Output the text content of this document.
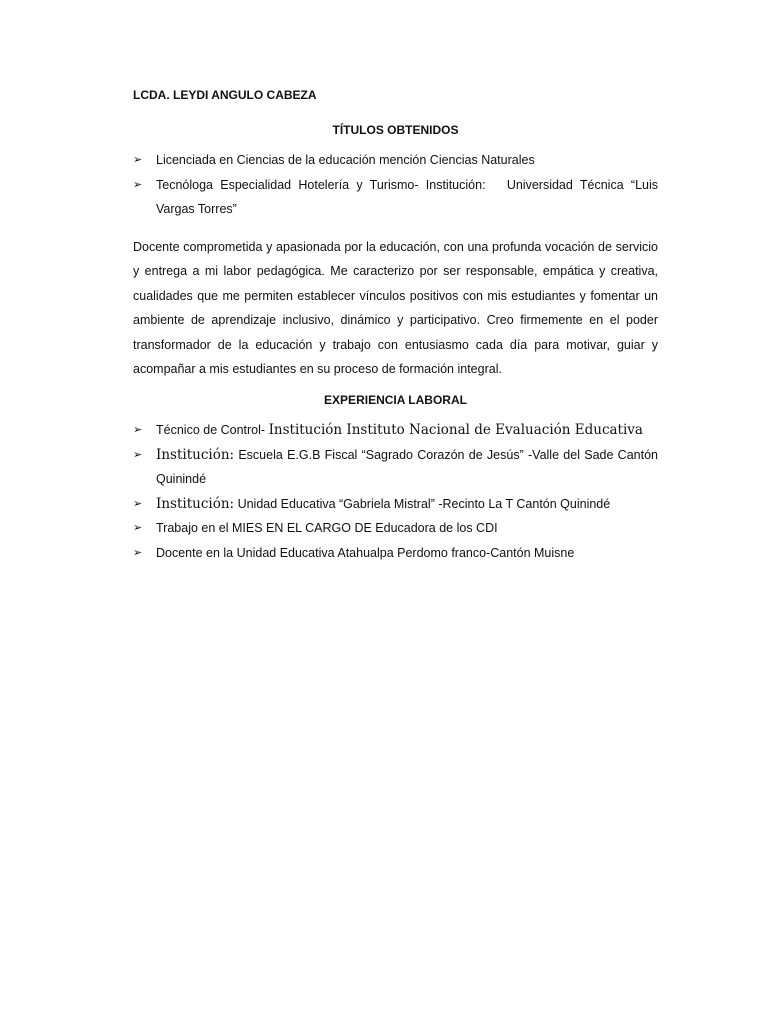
LCDA. LEYDI ANGULO CABEZA

TÍTULOS OBTENIDOS

➢ Licenciada en Ciencias de la educación mención Ciencias Naturales
➢ Tecnóloga Especialidad Hotelería y Turismo- Institución: Universidad Técnica “Luis Vargas Torres”

Docente comprometida y apasionada por la educación, con una profunda vocación de servicio y entrega a mi labor pedagógica. Me caracterizo por ser responsable, empática y creativa, cualidades que me permiten establecer vínculos positivos con mis estudiantes y fomentar un ambiente de aprendizaje inclusivo, dinámico y participativo. Creo firmemente en el poder transformador de la educación y trabajo con entusiasmo cada día para motivar, guiar y acompañar a mis estudiantes en su proceso de formación integral.

EXPERIENCIA LABORAL

➢ Técnico de Control- Institución Instituto Nacional de Evaluación Educativa
➢ Institución: Escuela E.G.B Fiscal “Sagrado Corazón de Jesús” -Valle del Sade Cantón Quinindé
➢ Institución: Unidad Educativa “Gabriela Mistral” -Recinto La T Cantón Quinindé
➢ Trabajo en el MIES EN EL CARGO DE Educadora de los CDI
➢ Docente en la Unidad Educativa Atahualpa Perdomo franco-Cantón Muisne
